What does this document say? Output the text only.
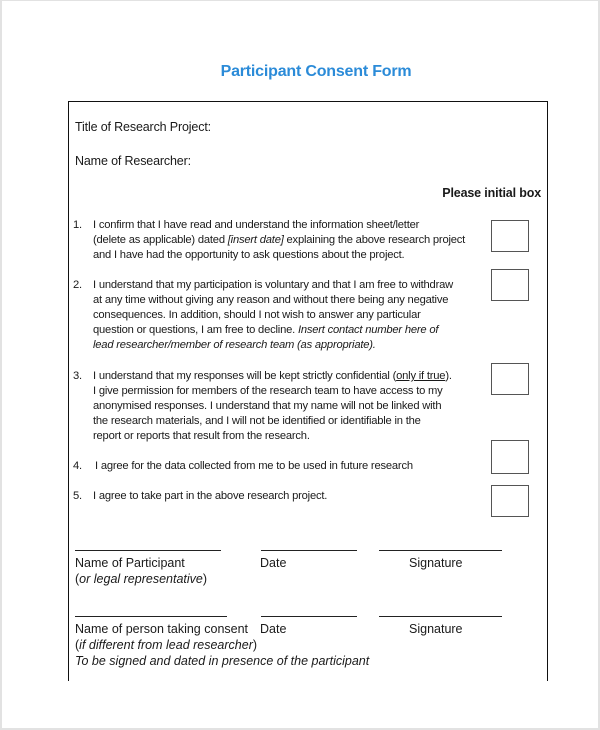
Participant Consent Form
Title of Research Project:
Name of Researcher:
Please initial box
1. I confirm that I have read and understand the information sheet/letter
(delete as applicable) dated [insert date] explaining the above research project
and I have had the opportunity to ask questions about the project.
2. I understand that my participation is voluntary and that I am free to withdraw
at any time without giving any reason and without there being any negative
consequences. In addition, should I not wish to answer any particular
question or questions, I am free to decline. Insert contact number here of
lead researcher/member of research team (as appropriate).
3. I understand that my responses will be kept strictly confidential (only if true).
I give permission for members of the research team to have access to my
anonymised responses. I understand that my name will not be linked with
the research materials, and I will not be identified or identifiable in the
report or reports that result from the research.
4.	I agree for the data collected from me to be used in future research
5. I agree to take part in the above research project.
Name of Participant
(or legal representative)
Date	Signature
Name of person taking consent
(if different from lead researcher)
Date	Signature
To be signed and dated in presence of the participant
